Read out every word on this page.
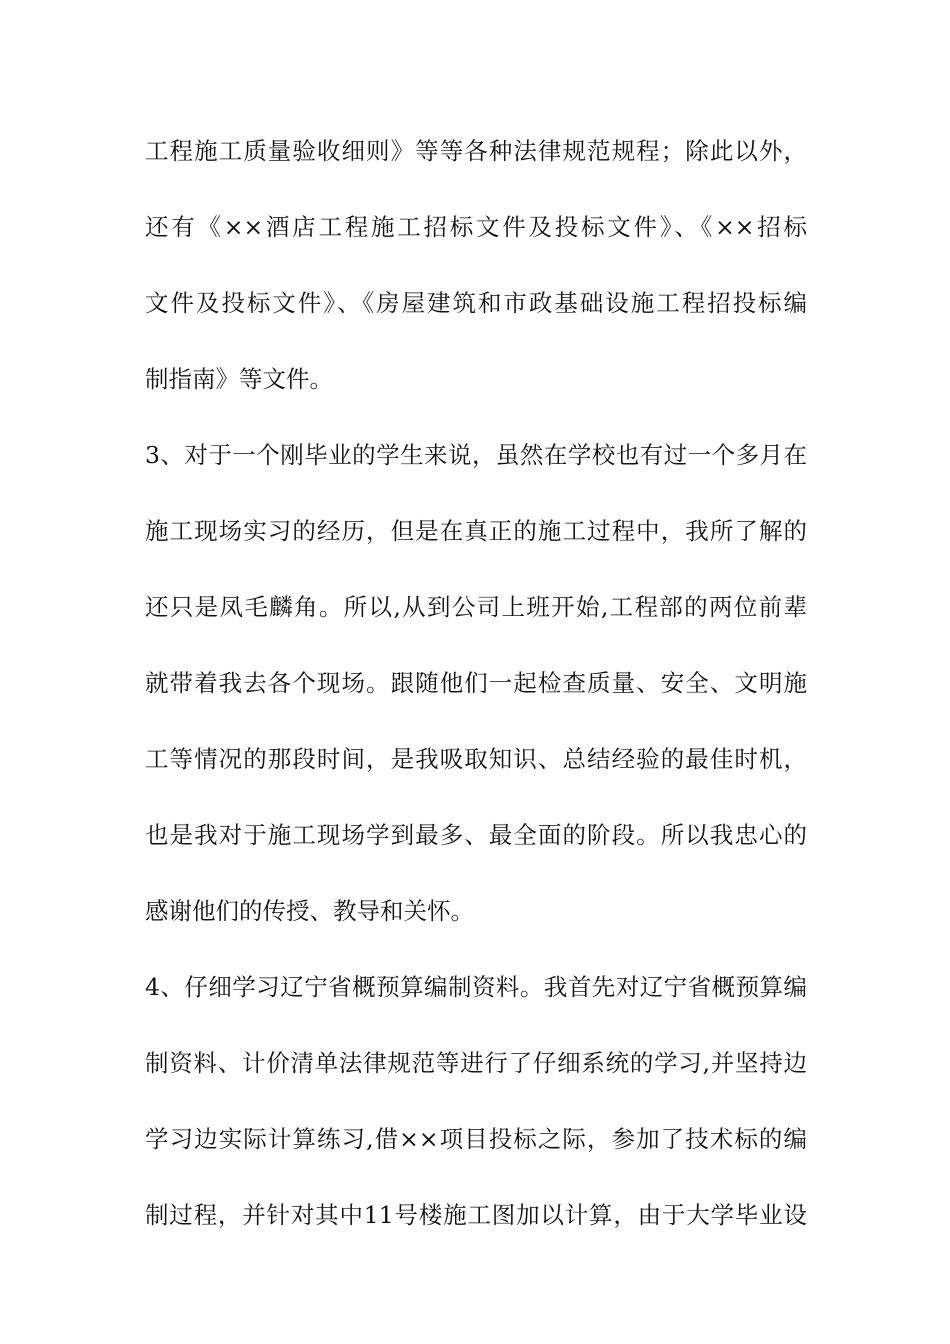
工程施工质量验收细则》等等各种法律规范规程；除此以外，
还有《××酒店工程施工招标文件及投标文件》、《××招标
文件及投标文件》、《房屋建筑和市政基础设施工程招投标编
制指南》等文件。
3、对于一个刚毕业的学生来说，虽然在学校也有过一个多月在
施工现场实习的经历，但是在真正的施工过程中，我所了解的
还只是凤毛麟角。所以,从到公司上班开始,工程部的两位前辈
就带着我去各个现场。跟随他们一起检查质量、安全、文明施
工等情况的那段时间，是我吸取知识、总结经验的最佳时机，
也是我对于施工现场学到最多、最全面的阶段。所以我忠心的
感谢他们的传授、教导和关怀。
4、仔细学习辽宁省概预算编制资料。我首先对辽宁省概预算编
制资料、计价清单法律规范等进行了仔细系统的学习,并坚持边
学习边实际计算练习,借××项目投标之际，参加了技术标的编
制过程，并针对其中11号楼施工图加以计算，由于大学毕业设
